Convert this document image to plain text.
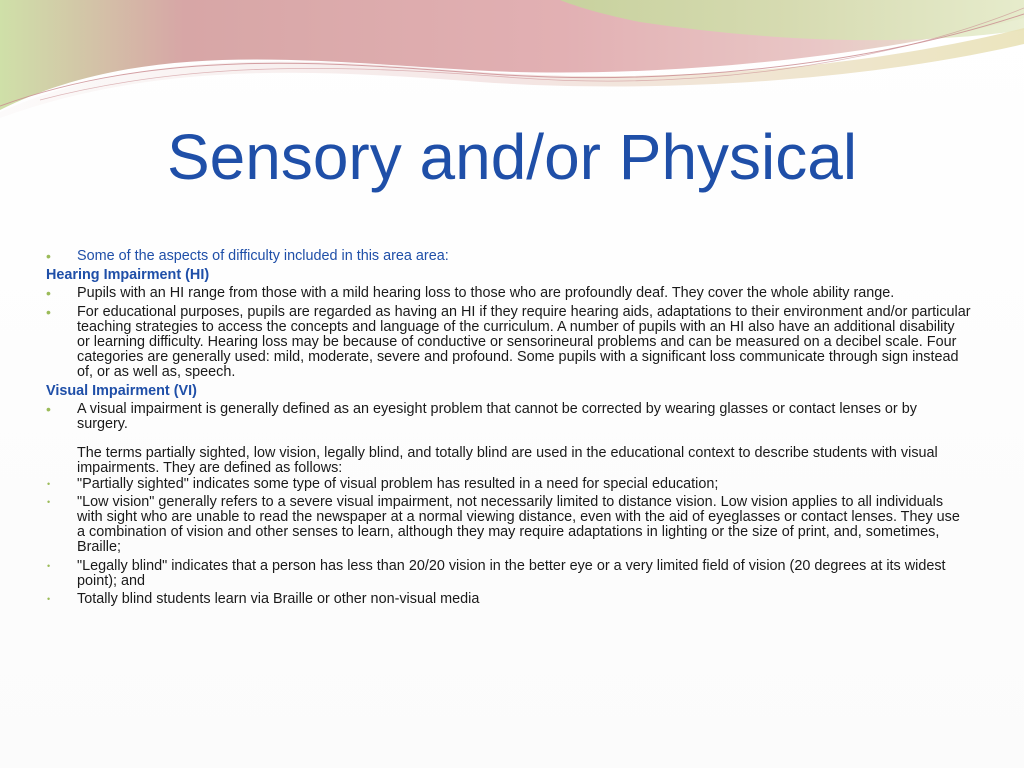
Sensory and/or Physical
• Some of the aspects of difficulty included in this area area:
Hearing Impairment (HI)
• Pupils with an HI range from those with a mild hearing loss to those who are profoundly deaf. They cover the whole ability range.
• For educational purposes, pupils are regarded as having an HI if they require hearing aids, adaptations to their environment and/or particular teaching strategies to access the concepts and language of the curriculum. A number of pupils with an HI also have an additional disability or learning difficulty. Hearing loss may be because of conductive or sensorineural problems and can be measured on a decibel scale. Four categories are generally used: mild, moderate, severe and profound. Some pupils with a significant loss communicate through sign instead of, or as well as, speech.
Visual Impairment (VI)
• A visual impairment is generally defined as an eyesight problem that cannot be corrected by wearing glasses or contact lenses or by surgery.
The terms partially sighted, low vision, legally blind, and totally blind are used in the educational context to describe students with visual impairments. They are defined as follows:
• "Partially sighted" indicates some type of visual problem has resulted in a need for special education;
• "Low vision" generally refers to a severe visual impairment, not necessarily limited to distance vision. Low vision applies to all individuals with sight who are unable to read the newspaper at a normal viewing distance, even with the aid of eyeglasses or contact lenses. They use a combination of vision and other senses to learn, although they may require adaptations in lighting or the size of print, and, sometimes, Braille;
• "Legally blind" indicates that a person has less than 20/20 vision in the better eye or a very limited field of vision (20 degrees at its widest point); and
• Totally blind students learn via Braille or other non-visual media
